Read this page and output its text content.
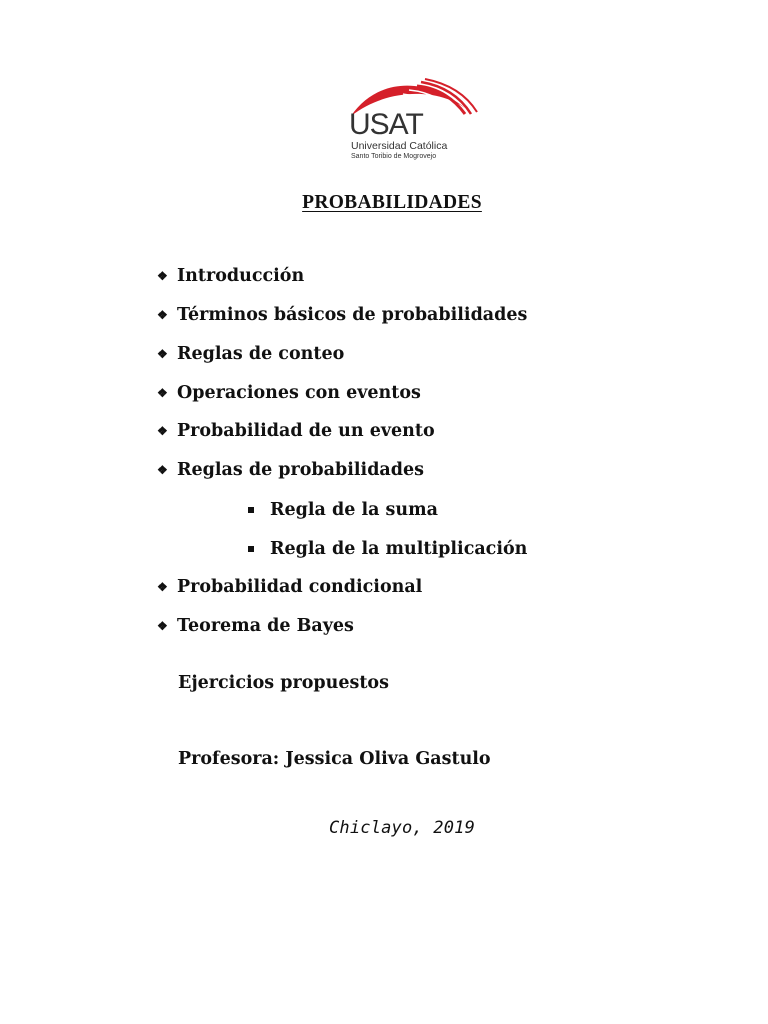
USAT
Universidad Católica
Santo Toribio de Mogrovejo
PROBABILIDADES
❖ Introducción
❖ Términos básicos de probabilidades
❖ Reglas de conteo
❖ Operaciones con eventos
❖ Probabilidad de un evento
❖ Reglas de probabilidades
Regla de la suma
Regla de la multiplicación
❖ Probabilidad condicional
❖ Teorema de Bayes
Ejercicios propuestos
Profesora: Jessica Oliva Gastulo
Chiclayo, 2019
